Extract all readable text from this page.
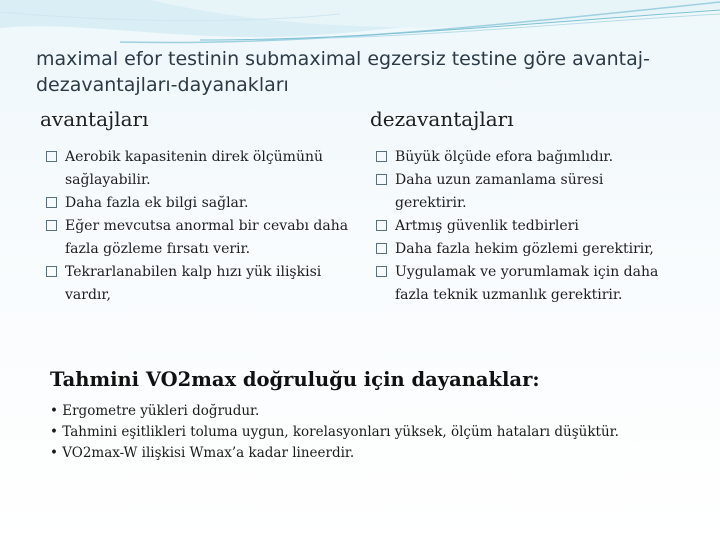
maximal efor testinin submaximal egzersiz testine göre avantaj-dezavantajları-dayanakları
avantajları	dezavantajları
Aerobik kapasitenin direk ölçümünü sağlayabilir.
Daha fazla ek bilgi sağlar.
Eğer mevcutsa anormal bir cevabı daha fazla gözleme fırsatı verir.
Tekrarlanabilen kalp hızı yük ilişkisi vardır,
Büyük ölçüde efora bağımlıdır.
Daha uzun zamanlama süresi gerektirir.
Artmış güvenlik tedbirleri
Daha fazla hekim gözlemi gerektirir,
Uygulamak ve yorumlamak için daha fazla teknik uzmanlık gerektirir.
Tahmini VO2max doğruluğu için dayanaklar:
• Ergometre yükleri doğrudur.
• Tahmini eşitlikleri toluma uygun, korelasyonları yüksek, ölçüm hataları düşüktür.
• VO2max-W ilişkisi Wmax’a kadar lineerdir.
